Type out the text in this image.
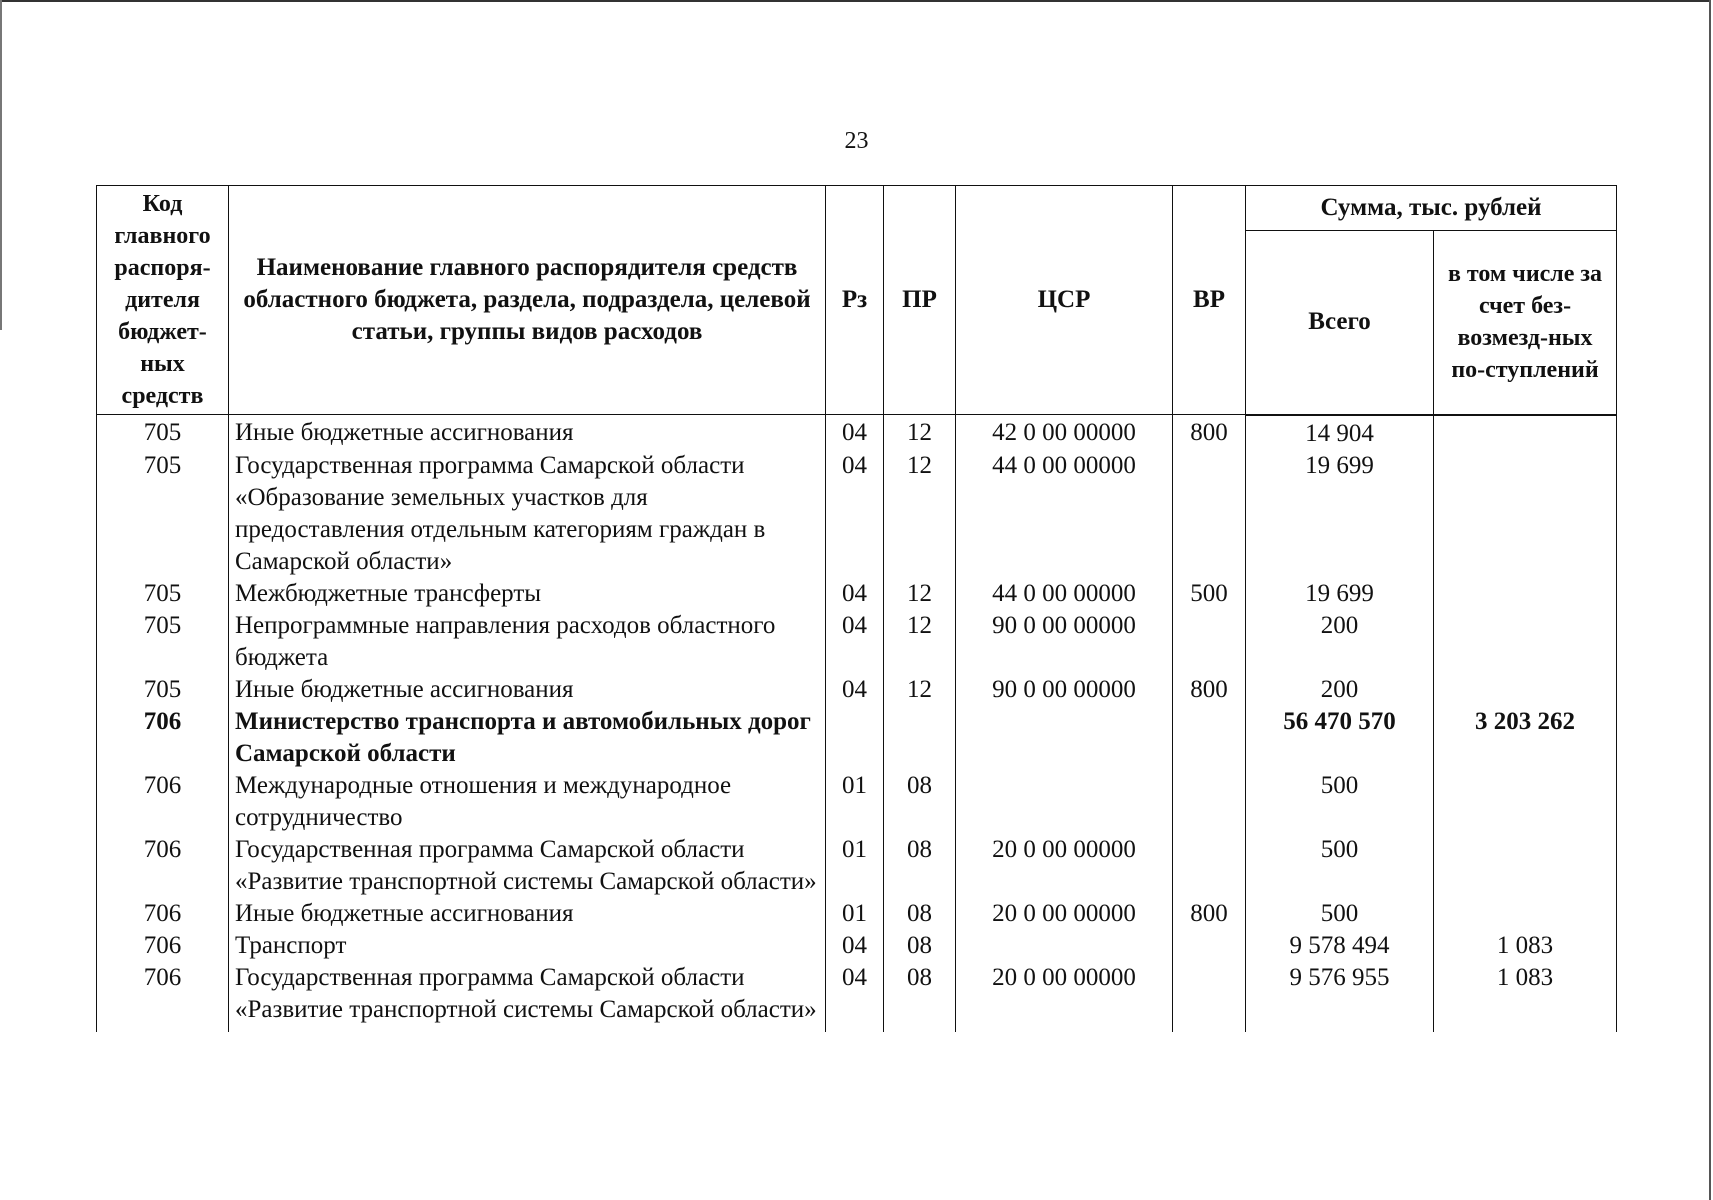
23
Код главного распоря-дителя бюджет-ных средств	Наименование главного распорядителя средств областного бюджета, раздела, подраздела, целевой статьи, группы видов расходов	Рз	ПР	ЦСР	ВР	Сумма, тыс. рублей	
						Всего	в том числе за счет без-возмезд-ных по-ступлений
705	Иные бюджетные ассигнования	04	12	42 0 00 00000	800	14 904	
705	Государственная программа Самарской области «Образование земельных участков для предоставления отдельным категориям граждан в Самарской области»	04	12	44 0 00 00000		19 699	
705	Межбюджетные трансферты	04	12	44 0 00 00000	500	19 699	
705	Непрограммные направления расходов областного бюджета	04	12	90 0 00 00000		200	
705	Иные бюджетные ассигнования	04	12	90 0 00 00000	800	200	
706	Министерство транспорта и автомобильных дорог Самарской области					56 470 570	3 203 262
706	Международные отношения и международное сотрудничество	01	08			500	
706	Государственная программа Самарской области «Развитие транспортной системы Самарской области»	01	08	20 0 00 00000		500	
706	Иные бюджетные ассигнования	01	08	20 0 00 00000	800	500	
706	Транспорт	04	08			9 578 494	1 083
706	Государственная программа Самарской области «Развитие транспортной системы Самарской области»	04	08	20 0 00 00000		9 576 955	1 083
